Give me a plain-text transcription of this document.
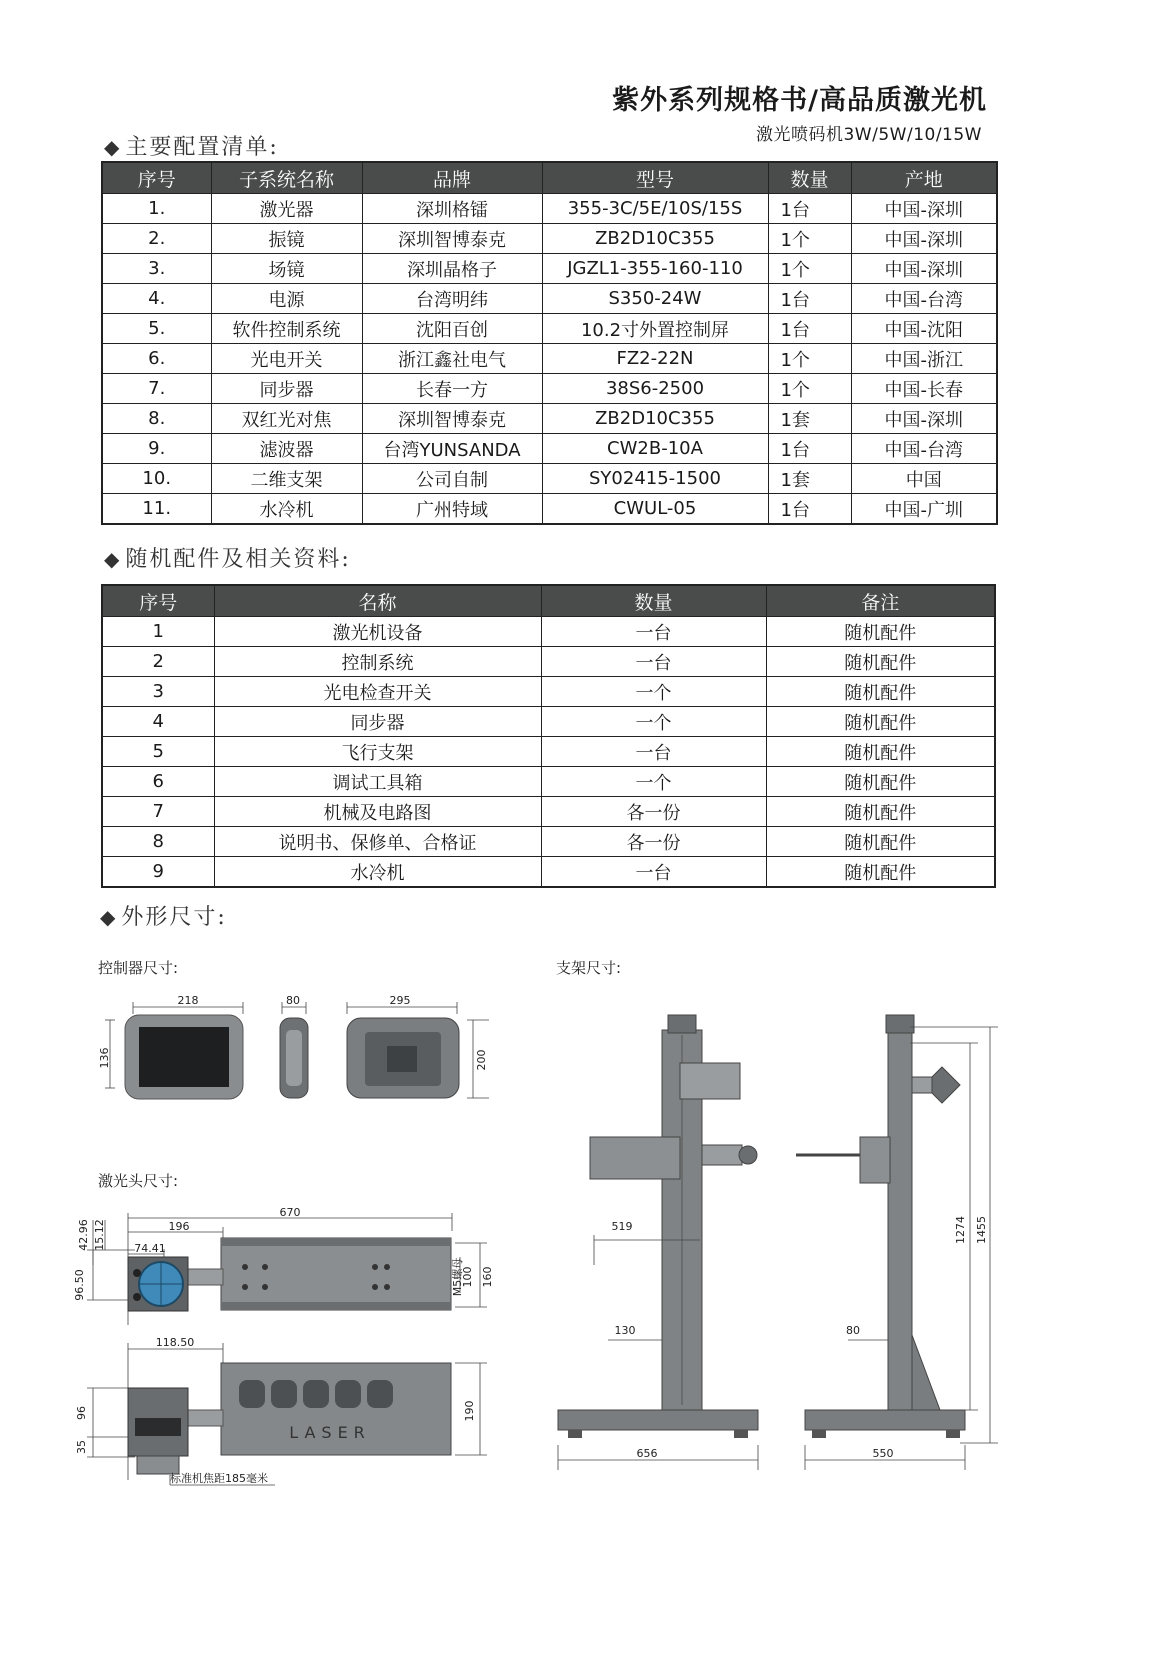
紫外系列规格书/高品质激光机
激光喷码机3W/5W/10/15W
◆ 主要配置清单:
序号	子系统名称	品牌	型号	数量	产地
1.	激光器	深圳格镭	355-3C/5E/10S/15S	1台	中国-深圳
2.	振镜	深圳智博泰克	ZB2D10C355	1个	中国-深圳
3.	场镜	深圳晶格子	JGZL1-355-160-110	1个	中国-深圳
4.	电源	台湾明纬	S350-24W	1台	中国-台湾
5.	软件控制系统	沈阳百创	10.2寸外置控制屏	1台	中国-沈阳
6.	光电开关	浙江鑫社电气	FZ2-22N	1个	中国-浙江
7.	同步器	长春一方	38S6-2500	1个	中国-长春
8.	双红光对焦	深圳智博泰克	ZB2D10C355	1套	中国-深圳
9.	滤波器	台湾YUNSANDA	CW2B-10A	1台	中国-台湾
10.	二维支架	公司自制	SY02415-1500	1套	中国
11.	水冷机	广州特域	CWUL-05	1台	中国-广圳
◆ 随机配件及相关资料:
序号	名称	数量	备注
1	激光机设备	一台	随机配件
2	控制系统	一台	随机配件
3	光电检查开关	一个	随机配件
4	同步器	一个	随机配件
5	飞行支架	一台	随机配件
6	调试工具箱	一个	随机配件
7	机械及电路图	各一份	随机配件
8	说明书、保修单、合格证	各一份	随机配件
9	水冷机	一台	随机配件
◆ 外形尺寸:
控制器尺寸:	支架尺寸:
激光头尺寸:
218
136
80	295
200
670
196
74.41
42.96 15.12
96.50	100 160
M5螺母
118.50
96
35
190
LASER
标准机焦距185毫米
519
130
656
80
1274 1455
550
